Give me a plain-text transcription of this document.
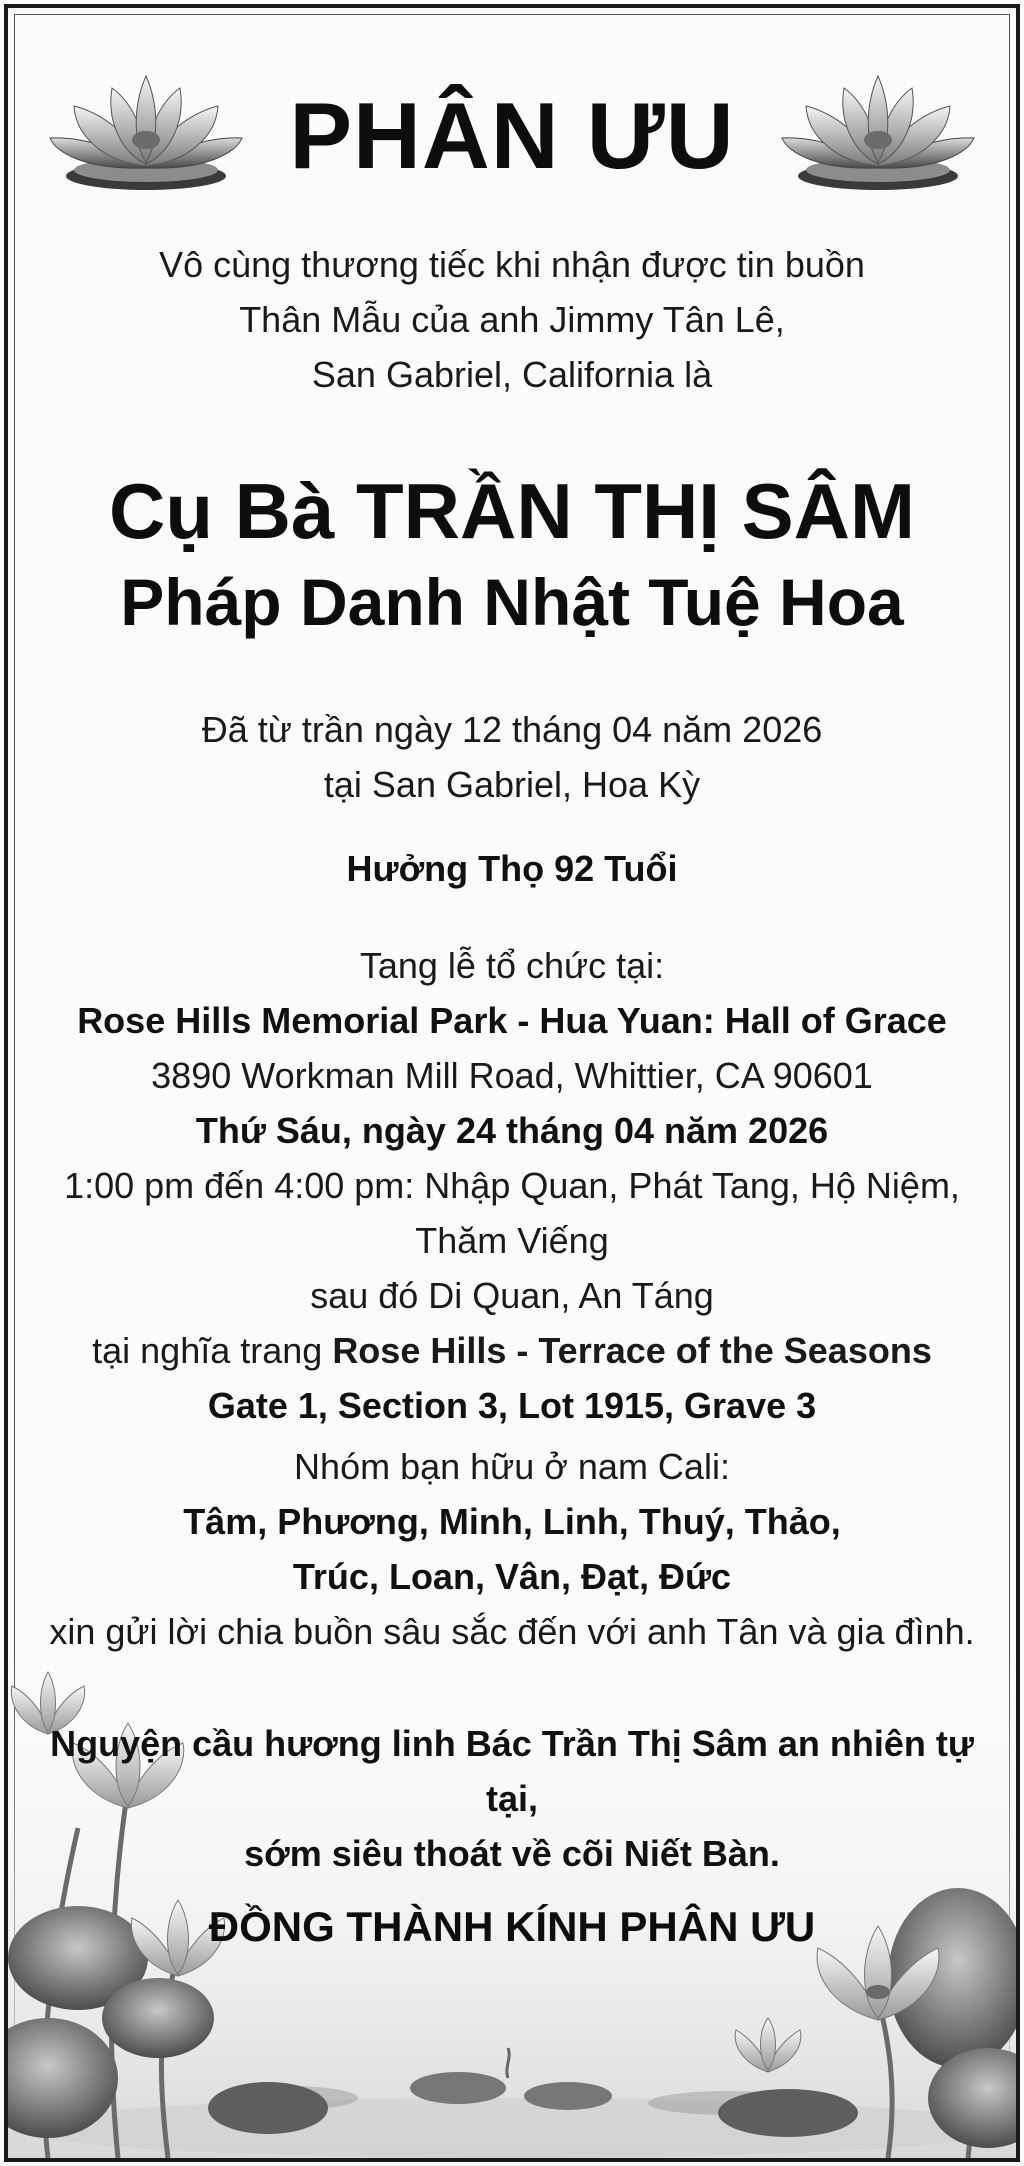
PHÂN ƯU
Vô cùng thương tiếc khi nhận được tin buồn
Thân Mẫu của anh Jimmy Tân Lê,
San Gabriel, California là
Cụ Bà TRẦN THỊ SÂM
Pháp Danh Nhật Tuệ Hoa
Đã từ trần ngày 12 tháng 04 năm 2026
tại San Gabriel, Hoa Kỳ
Hưởng Thọ 92 Tuổi
Tang lễ tổ chức tại:
Rose Hills Memorial Park - Hua Yuan: Hall of Grace
3890 Workman Mill Road, Whittier, CA 90601
Thứ Sáu, ngày 24 tháng 04 năm 2026
1:00 pm đến 4:00 pm: Nhập Quan, Phát Tang, Hộ Niệm, Thăm Viếng
sau đó Di Quan, An Táng
tại nghĩa trang Rose Hills - Terrace of the Seasons
Gate 1, Section 3, Lot 1915, Grave 3
Nhóm bạn hữu ở nam Cali:
Tâm, Phương, Minh, Linh, Thuý, Thảo,
Trúc, Loan, Vân, Đạt, Đức
xin gửi lời chia buồn sâu sắc đến với anh Tân và gia đình.
Nguyện cầu hương linh Bác Trần Thị Sâm an nhiên tự tại,
sớm siêu thoát về cõi Niết Bàn.
ĐỒNG THÀNH KÍNH PHÂN ƯU
